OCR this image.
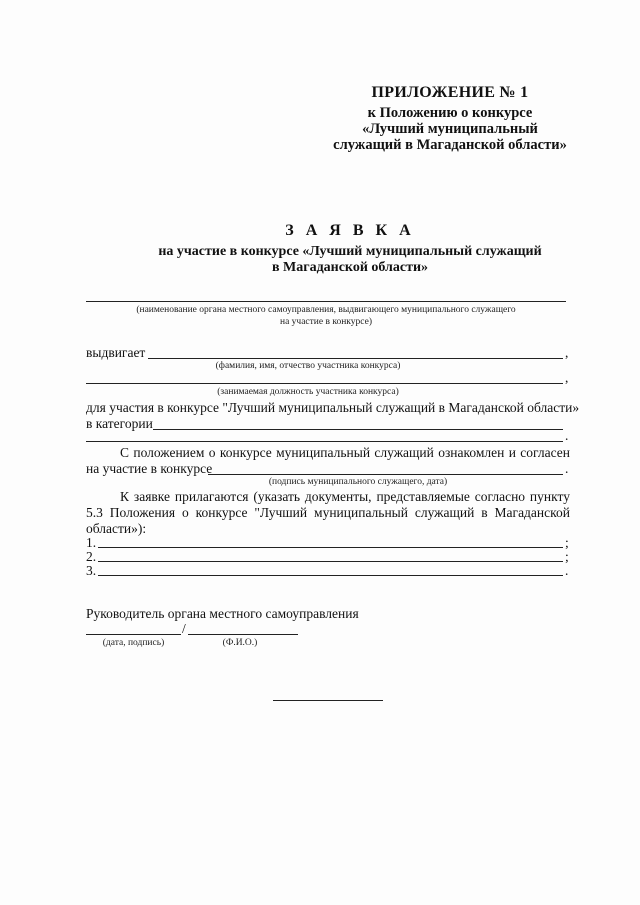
ПРИЛОЖЕНИЕ № 1
к Положению о конкурсе
«Лучший муниципальный
служащий в Магаданской области»
З А Я В К А
на участие в конкурсе «Лучший муниципальный служащий
в Магаданской области»
(наименование органа местного самоуправления, выдвигающего муниципального служащего
на участие в конкурсе)
выдвигает	,
(фамилия, имя, отчество участника конкурса)
,
(занимаемая должность участника конкурса)
для участия в конкурсе "Лучший муниципальный служащий в Магаданской области»
в категории
.
С положением о конкурсе муниципальный служащий ознакомлен и согласен
на участие в конкурсе	.
(подпись муниципального служащего, дата)
К заявке прилагаются (указать документы, представляемые согласно пункту
5.3 Положения о конкурсе "Лучший муниципальный служащий в Магаданской
области»):
1.	;
2.	;
3.	.
Руководитель органа местного самоуправления
/
(дата, подпись)	(Ф.И.О.)
